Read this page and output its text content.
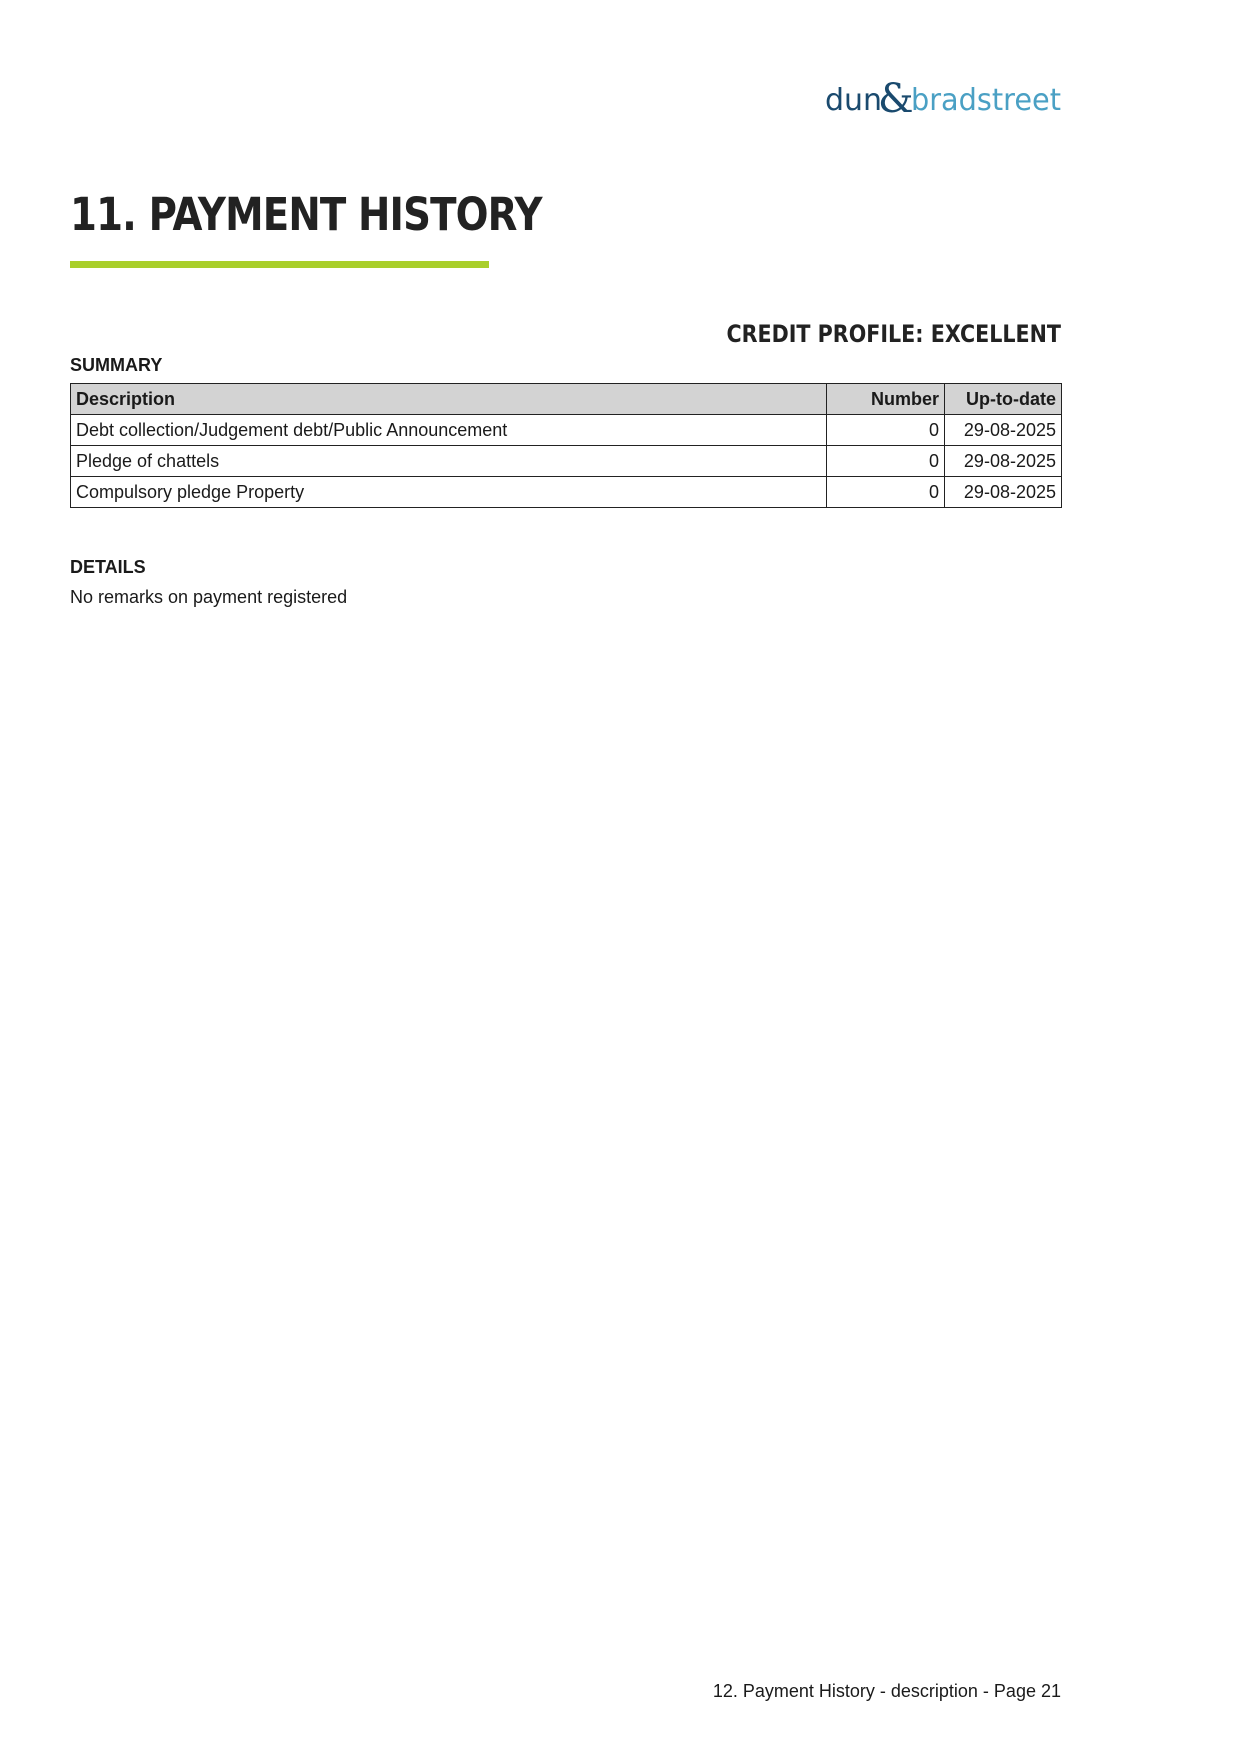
dun
&
bradstreet
11. PAYMENT HISTORY
CREDIT PROFILE: EXCELLENT
SUMMARY
Description	Number	Up-to-date
Debt collection/Judgement debt/Public Announcement	0	29-08-2025
Pledge of chattels	0	29-08-2025
Compulsory pledge Property	0	29-08-2025
DETAILS

No remarks on payment registered

12. Payment History - description - Page 21
